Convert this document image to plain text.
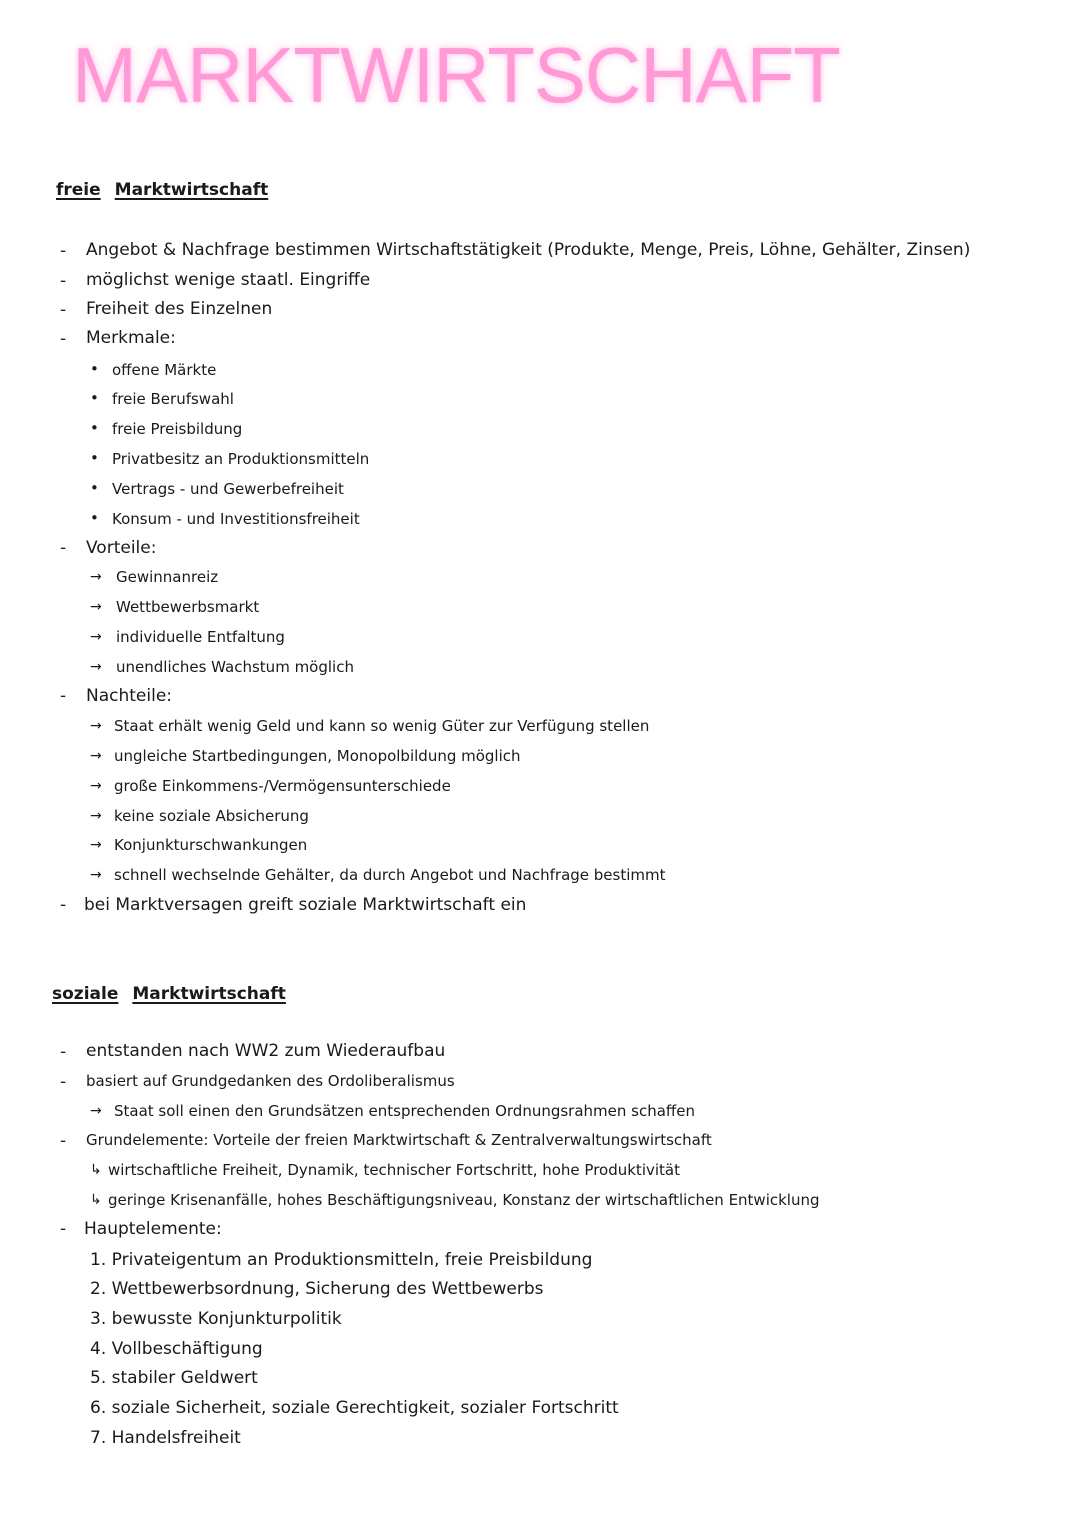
MARKTWIRTSCHAFT
freie Marktwirtschaft
- Angebot & Nachfrage bestimmen Wirtschaftstätigkeit (Produkte, Menge, Preis, Löhne, Gehälter, Zinsen)
- möglichst wenige staatl. Eingriffe
- Freiheit des Einzelnen
- Merkmale:
• offene Märkte
• freie Berufswahl
• freie Preisbildung
• Privatbesitz an Produktionsmitteln
• Vertrags - und Gewerbefreiheit
• Konsum - und Investitionsfreiheit
- Vorteile:
→ Gewinnanreiz
→ Wettbewerbsmarkt
→ individuelle Entfaltung
→ unendliches Wachstum möglich
- Nachteile:
→ Staat erhält wenig Geld und kann so wenig Güter zur Verfügung stellen
→ ungleiche Startbedingungen, Monopolbildung möglich
→ große Einkommens-/Vermögensunterschiede
→ keine soziale Absicherung
→ Konjunkturschwankungen
→ schnell wechselnde Gehälter, da durch Angebot und Nachfrage bestimmt
- bei Marktversagen greift soziale Marktwirtschaft ein
soziale Marktwirtschaft
- entstanden nach WW2 zum Wiederaufbau
- basiert auf Grundgedanken des Ordoliberalismus
→ Staat soll einen den Grundsätzen entsprechenden Ordnungsrahmen schaffen
- Grundelemente: Vorteile der freien Marktwirtschaft & Zentralverwaltungswirtschaft
↳ wirtschaftliche Freiheit, Dynamik, technischer Fortschritt, hohe Produktivität
↳ geringe Krisenanfälle, hohes Beschäftigungsniveau, Konstanz der wirtschaftlichen Entwicklung
- Hauptelemente:
1. Privateigentum an Produktionsmitteln, freie Preisbildung
2. Wettbewerbsordnung, Sicherung des Wettbewerbs
3. bewusste Konjunkturpolitik
4. Vollbeschäftigung
5. stabiler Geldwert
6. soziale Sicherheit, soziale Gerechtigkeit, sozialer Fortschritt
7. Handelsfreiheit
